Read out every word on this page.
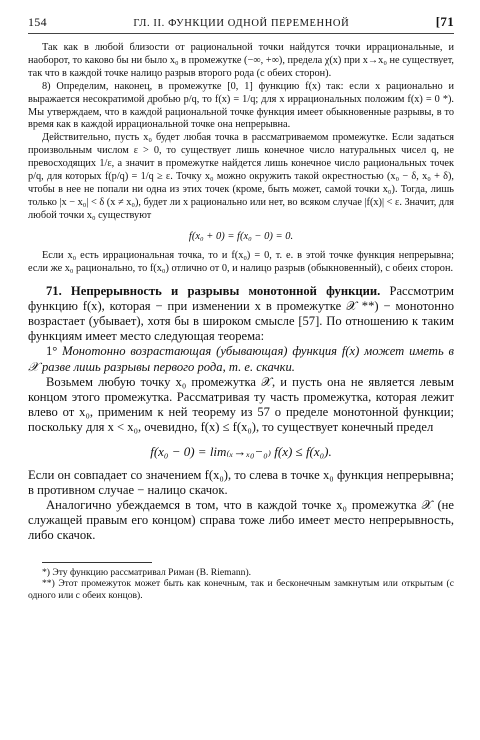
154	ГЛ. II. ФУНКЦИИ ОДНОЙ ПЕРЕМЕННОЙ	[71

Так как в любой близости от рациональной точки найдутся точки иррациональные, и наоборот, то каково бы ни было x₀ в промежутке (−∞, +∞), предела χ(x) при x→x₀ не существует, так что в каждой точке налицо разрыв второго рода (с обеих сторон).

8) Определим, наконец, в промежутке [0, 1] функцию f(x) так: если x рационально и выражается несократимой дробью p/q, то f(x) = 1/q; для x иррациональных положим f(x) = 0 *). Мы утверждаем, что в каждой рациональной точке функция имеет обыкновенные разрывы, в то время как в каждой иррациональной точке она непрерывна.

Действительно, пусть x₀ будет любая точка в рассматриваемом промежутке. Если задаться произвольным числом ε > 0, то существует лишь конечное число натуральных чисел q, не превосходящих 1/ε, а значит в промежутке найдется лишь конечное число рациональных точек p/q, для которых f(p/q) = 1/q ≥ ε. Точку x₀ можно окружить такой окрестностью (x₀ − δ, x₀ + δ), чтобы в нее не попали ни одна из этих точек (кроме, быть может, самой точки x₀). Тогда, лишь только |x − x₀| < δ (x ≠ x₀), будет ли x рационально или нет, во всяком случае |f(x)| < ε. Значит, для любой точки x₀ существуют

f(x₀ + 0) = f(x₀ − 0) = 0.

Если x₀ есть иррациональная точка, то и f(x₀) = 0, т. е. в этой точке функция непрерывна; если же x₀ рационально, то f(x₀) отлично от 0, и налицо разрыв (обыкновенный), с обеих сторон.

71. Непрерывность и разрывы монотонной функции. Рассмотрим функцию f(x), которая − при изменении x в промежутке 𝒳 **) − монотонно возрастает (убывает), хотя бы в широком смысле [57]. По отношению к таким функциям имеет место следующая теорема:

1° Монотонно возрастающая (убывающая) функция f(x) может иметь в 𝒳 разве лишь разрывы первого рода, т. е. скачки.

Возьмем любую точку x₀ промежутка 𝒳, и пусть она не является левым концом этого промежутка. Рассматривая ту часть промежутка, которая лежит влево от x₀, применим к ней теорему из 57 о пределе монотонной функции; поскольку для x < x₀, очевидно, f(x) ≤ f(x₀), то существует конечный предел

f(x₀ − 0) = lim₍ₓ→ₓ₀−₀₎ f(x) ≤ f(x₀).

Если он совпадает со значением f(x₀), то слева в точке x₀ функция непрерывна; в противном случае − налицо скачок.

Аналогично убеждаемся в том, что в каждой точке x₀ промежутка 𝒳 (не служащей правым его концом) справа тоже либо имеет место непрерывность, либо скачок.

*) Эту функцию рассматривал Риман (B. Riemann).

**) Этот промежуток может быть как конечным, так и бесконечным замкнутым или открытым (с одного или с обеих концов).
